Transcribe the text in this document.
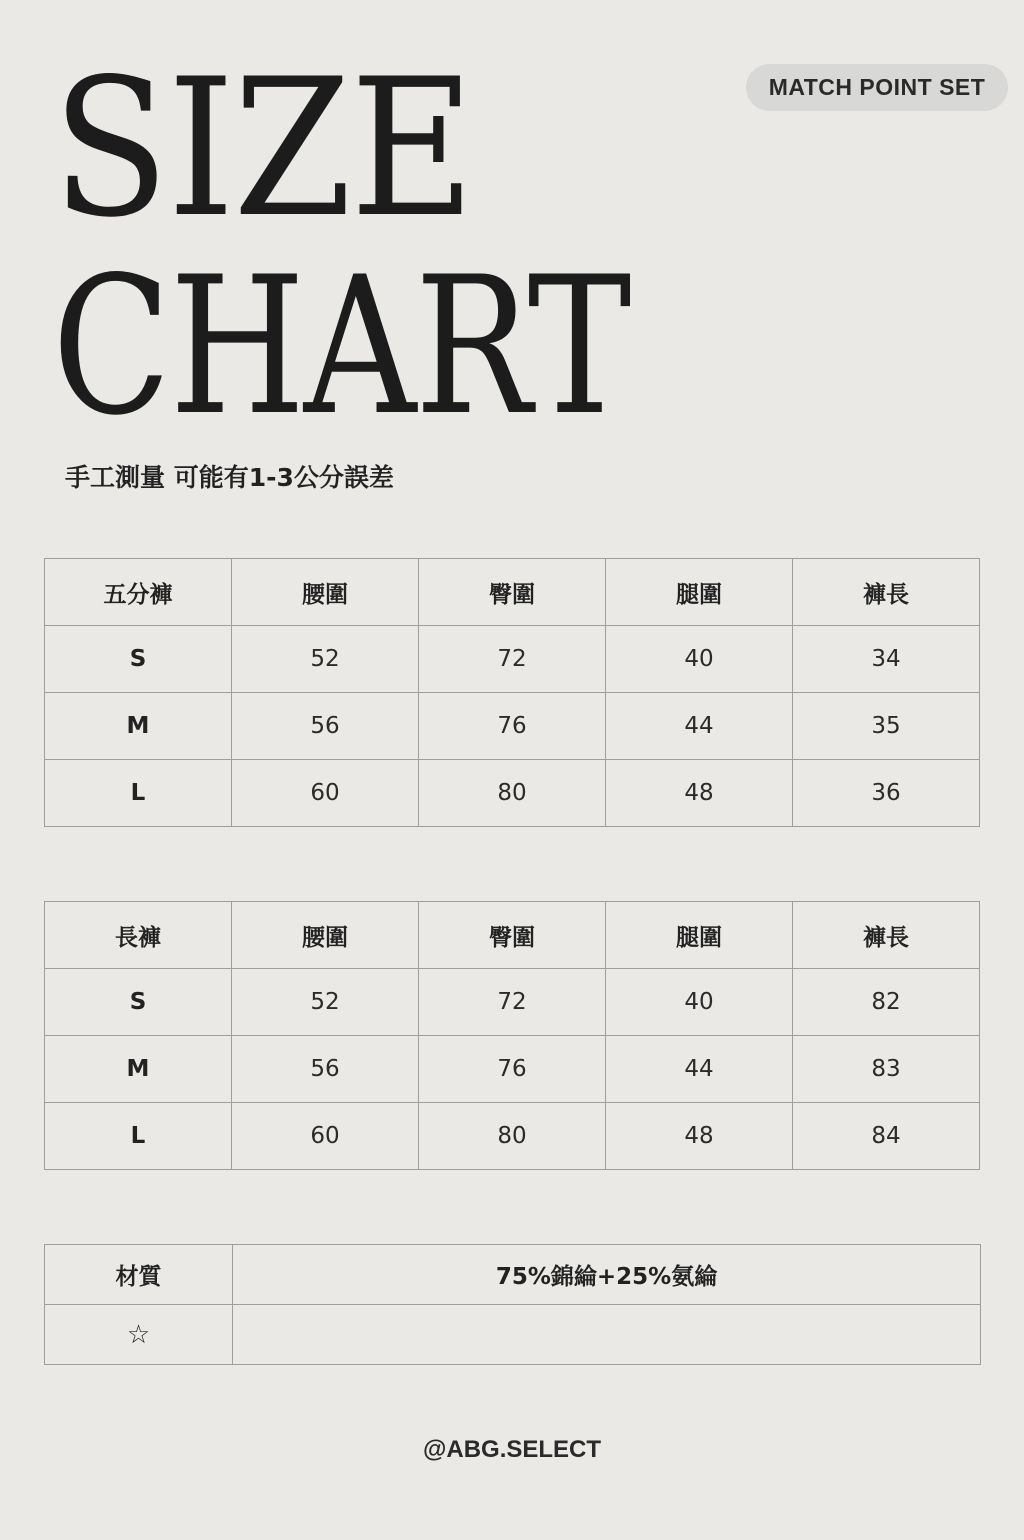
SIZE
CHART
MATCH POINT SET
手工測量 可能有1-3公分誤差
五分褲	腰圍	臀圍	腿圍	褲長
S	52	72	40	34
M	56	76	44	35
L	60	80	48	36
長褲	腰圍	臀圍	腿圍	褲長
S	52	72	40	82
M	56	76	44	83
L	60	80	48	84
材質	75%錦綸+25%氨綸
☆	
@ABG.SELECT
